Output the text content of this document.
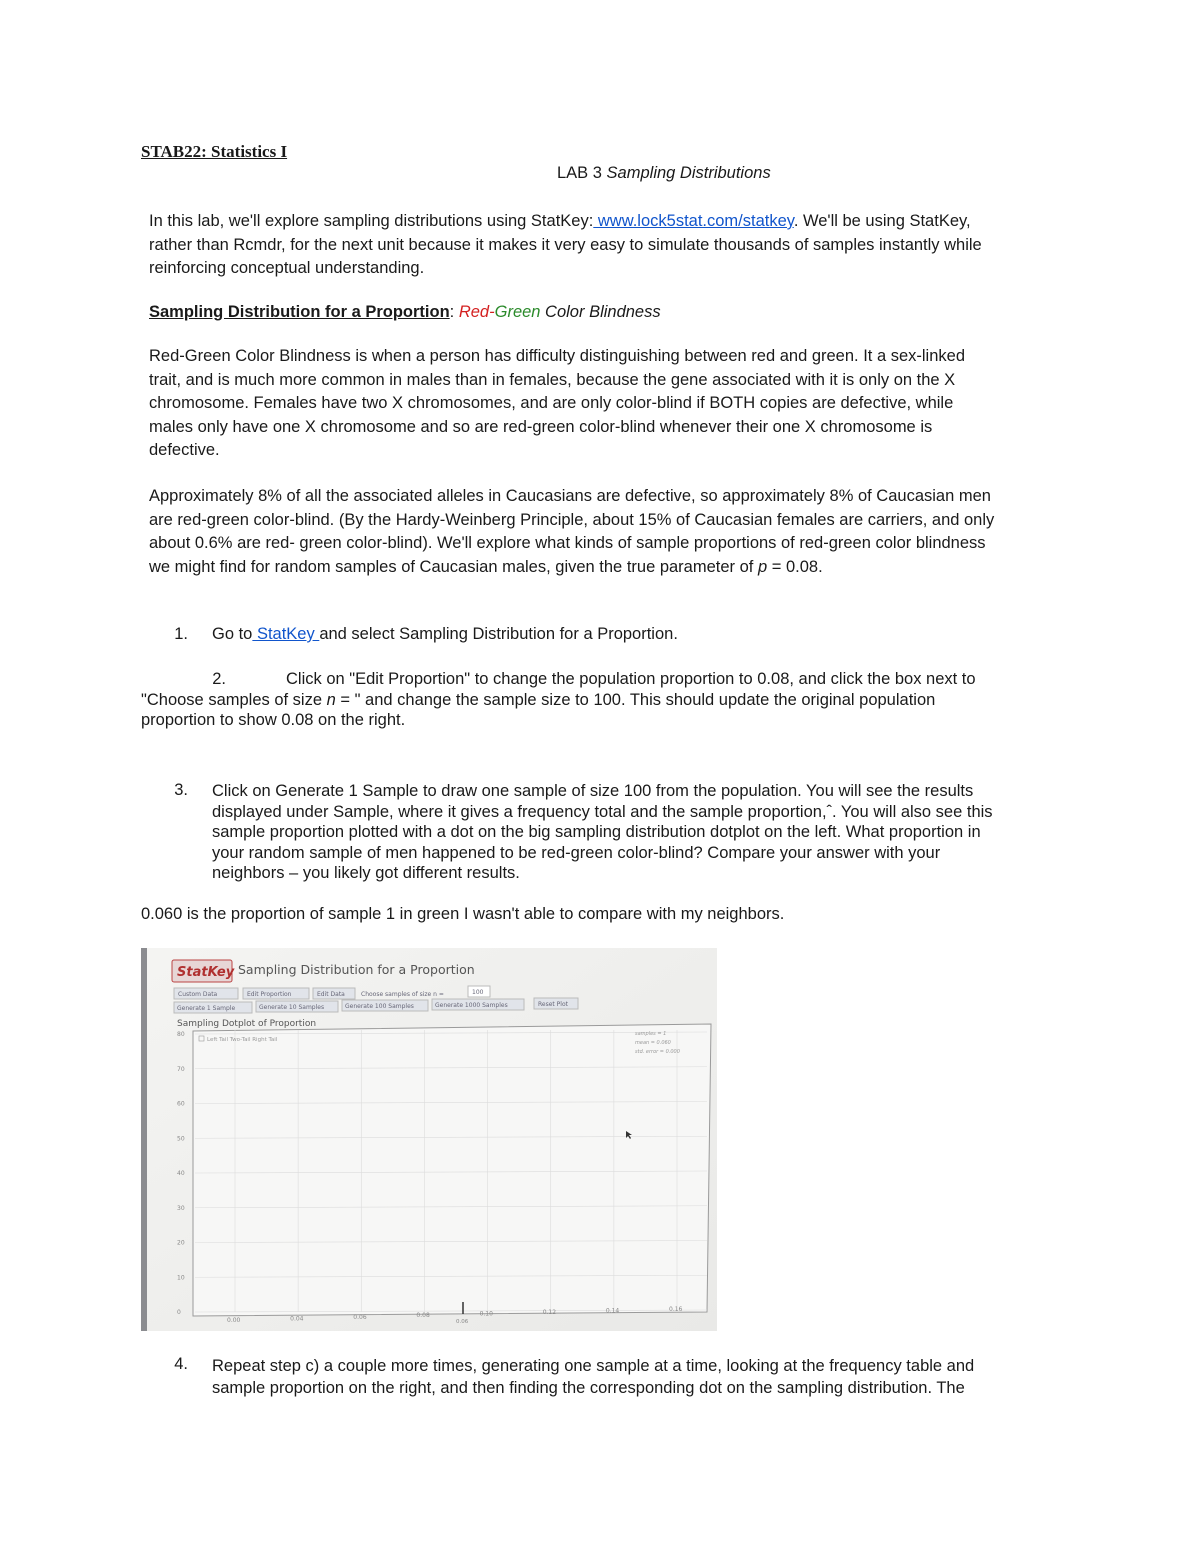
STAB22: Statistics I
LAB 3 Sampling Distributions
In this lab, we'll explore sampling distributions using StatKey: www.lock5stat.com/statkey. We'll be using StatKey,
rather than Rcmdr, for the next unit because it makes it very easy to simulate thousands of samples instantly while
reinforcing conceptual understanding.
Sampling Distribution for a Proportion: Red-Green Color Blindness
Red-Green Color Blindness is when a person has difficulty distinguishing between red and green. It a sex-linked
trait, and is much more common in males than in females, because the gene associated with it is only on the X
chromosome. Females have two X chromosomes, and are only color-blind if BOTH copies are defective, while
males only have one X chromosome and so are red-green color-blind whenever their one X chromosome is
defective.
Approximately 8% of all the associated alleles in Caucasians are defective, so approximately 8% of Caucasian men
are red-green color-blind. (By the Hardy-Weinberg Principle, about 15% of Caucasian females are carriers, and only
about 0.6% are red- green color-blind). We'll explore what kinds of sample proportions of red-green color blindness
we might find for random samples of Caucasian males, given the true parameter of p = 0.08.
1. Go to StatKey and select Sampling Distribution for a Proportion.
2.	Click on "Edit Proportion" to change the population proportion to 0.08, and click the box next to
"Choose samples of size n = " and change the sample size to 100. This should update the original population
proportion to show 0.08 on the right.
3. Click on Generate 1 Sample to draw one sample of size 100 from the population. You will see the results
displayed under Sample, where it gives a frequency total and the sample proportion,ˆ. You will also see this
sample proportion plotted with a dot on the big sampling distribution dotplot on the left. What proportion in
your random sample of men happened to be red-green color-blind? Compare your answer with your
neighbors – you likely got different results.
0.060 is the proportion of sample 1 in green I wasn't able to compare with my neighbors.
StatKey Sampling Distribution for a Proportion
Custom Data	Edit Proportion	Edit Data	Choose samples of size n =	100
Generate 1 Sample	Generate 10 Samples	Generate 100 Samples	Generate 1000 Samples	Reset Plot
Sampling Dotplot of Proportion
80
70
60
50
40
30
20
10
0
0.00	0.04	0.06	0.08	0.10	0.12	0.14	0.16
Left Tail Two-Tail Right Tail
samples = 1
mean = 0.060
std. error = 0.000
0.06
4. Repeat step c) a couple more times, generating one sample at a time, looking at the frequency table and
sample proportion on the right, and then finding the corresponding dot on the sampling distribution. The
